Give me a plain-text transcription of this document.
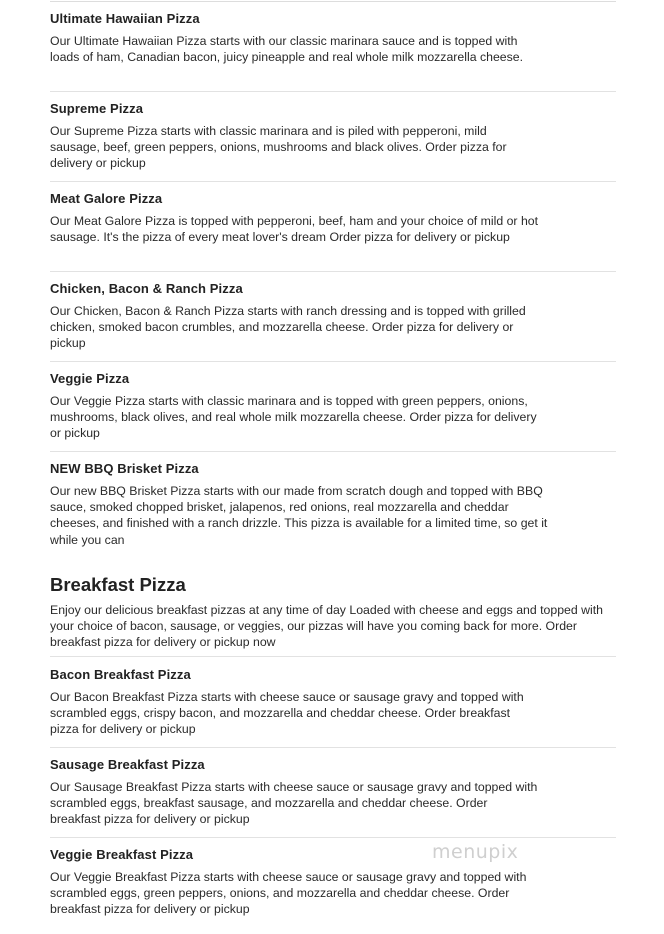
Ultimate Hawaiian Pizza

Our Ultimate Hawaiian Pizza starts with our classic marinara sauce and is topped with loads of ham, Canadian bacon, juicy pineapple and real whole milk mozzarella cheese.

Supreme Pizza

Our Supreme Pizza starts with classic marinara and is piled with pepperoni, mild sausage, beef, green peppers, onions, mushrooms and black olives. Order pizza for delivery or pickup

Meat Galore Pizza

Our Meat Galore Pizza is topped with pepperoni, beef, ham and your choice of mild or hot sausage. It's the pizza of every meat lover's dream Order pizza for delivery or pickup

Chicken, Bacon & Ranch Pizza

Our Chicken, Bacon & Ranch Pizza starts with ranch dressing and is topped with grilled chicken, smoked bacon crumbles, and mozzarella cheese. Order pizza for delivery or pickup

Veggie Pizza

Our Veggie Pizza starts with classic marinara and is topped with green peppers, onions, mushrooms, black olives, and real whole milk mozzarella cheese. Order pizza for delivery or pickup

NEW BBQ Brisket Pizza

Our new BBQ Brisket Pizza starts with our made from scratch dough and topped with BBQ sauce, smoked chopped brisket, jalapenos, red onions, real mozzarella and cheddar cheeses, and finished with a ranch drizzle. This pizza is available for a limited time, so get it while you can

Breakfast Pizza

Enjoy our delicious breakfast pizzas at any time of day Loaded with cheese and eggs and topped with your choice of bacon, sausage, or veggies, our pizzas will have you coming back for more. Order breakfast pizza for delivery or pickup now

Bacon Breakfast Pizza

Our Bacon Breakfast Pizza starts with cheese sauce or sausage gravy and topped with scrambled eggs, crispy bacon, and mozzarella and cheddar cheese. Order breakfast pizza for delivery or pickup

Sausage Breakfast Pizza

Our Sausage Breakfast Pizza starts with cheese sauce or sausage gravy and topped with scrambled eggs, breakfast sausage, and mozzarella and cheddar cheese. Order breakfast pizza for delivery or pickup

Veggie Breakfast Pizza

Our Veggie Breakfast Pizza starts with cheese sauce or sausage gravy and topped with scrambled eggs, green peppers, onions, and mozzarella and cheddar cheese. Order breakfast pizza for delivery or pickup

menupix
